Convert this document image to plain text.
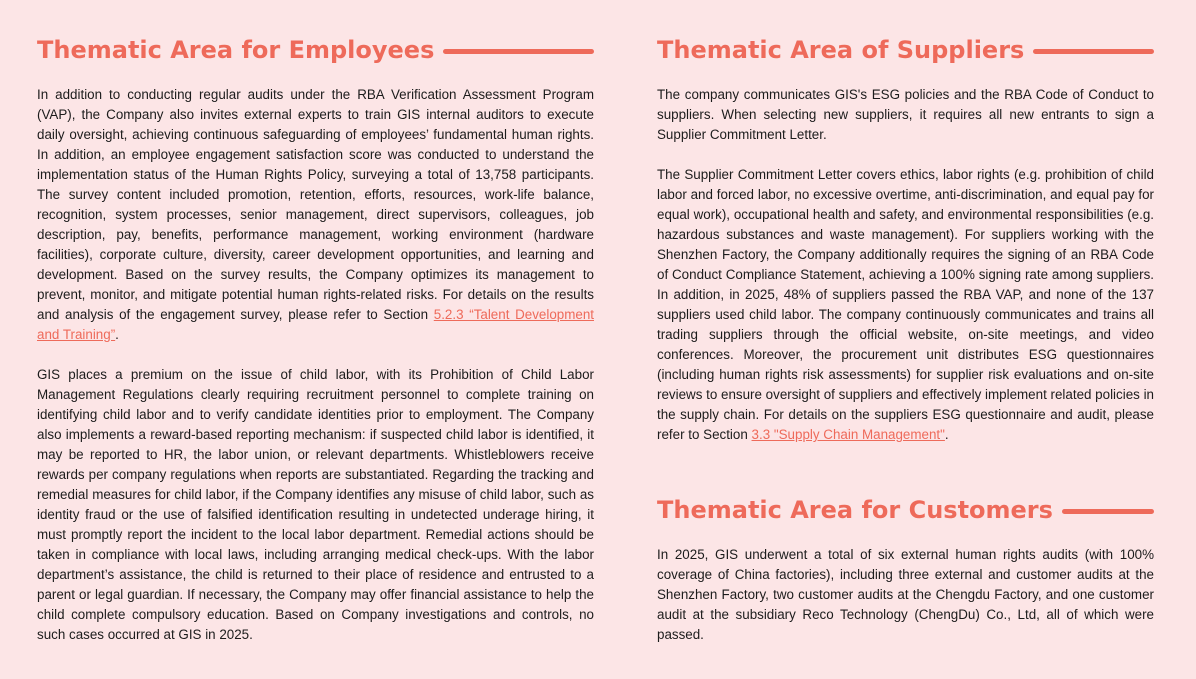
Thematic Area for Employees

In addition to conducting regular audits under the RBA Verification Assessment Program (VAP), the Company also invites external experts to train GIS internal auditors to execute daily oversight, achieving continuous safeguarding of employees’ fundamental human rights. In addition, an employee engagement satisfaction score was conducted to understand the implementation status of the Human Rights Policy, surveying a total of 13,758 participants. The survey content included promotion, retention, efforts, resources, work-life balance, recognition, system processes, senior management, direct supervisors, colleagues, job description, pay, benefits, performance management, working environment (hardware facilities), corporate culture, diversity, career development opportunities, and learning and development. Based on the survey results, the Company optimizes its management to prevent, monitor, and mitigate potential human rights-related risks. For details on the results and analysis of the engagement survey, please refer to Section 5.2.3 “Talent Development and Training”.

GIS places a premium on the issue of child labor, with its Prohibition of Child Labor Management Regulations clearly requiring recruitment personnel to complete training on identifying child labor and to verify candidate identities prior to employment. The Company also implements a reward-based reporting mechanism: if suspected child labor is identified, it may be reported to HR, the labor union, or relevant departments. Whistleblowers receive rewards per company regulations when reports are substantiated. Regarding the tracking and remedial measures for child labor, if the Company identifies any misuse of child labor, such as identity fraud or the use of falsified identification resulting in undetected underage hiring, it must promptly report the incident to the local labor department. Remedial actions should be taken in compliance with local laws, including arranging medical check-ups. With the labor department’s assistance, the child is returned to their place of residence and entrusted to a parent or legal guardian. If necessary, the Company may offer financial assistance to help the child complete compulsory education. Based on Company investigations and controls, no such cases occurred at GIS in 2025.

Thematic Area of Suppliers

The company communicates GIS's ESG policies and the RBA Code of Conduct to suppliers. When selecting new suppliers, it requires all new entrants to sign a Supplier Commitment Letter.

The Supplier Commitment Letter covers ethics, labor rights (e.g. prohibition of child labor and forced labor, no excessive overtime, anti-discrimination, and equal pay for equal work), occupational health and safety, and environmental responsibilities (e.g. hazardous substances and waste management). For suppliers working with the Shenzhen Factory, the Company additionally requires the signing of an RBA Code of Conduct Compliance Statement, achieving a 100% signing rate among suppliers. In addition, in 2025, 48% of suppliers passed the RBA VAP, and none of the 137 suppliers used child labor. The company continuously communicates and trains all trading suppliers through the official website, on-site meetings, and video conferences. Moreover, the procurement unit distributes ESG questionnaires (including human rights risk assessments) for supplier risk evaluations and on-site reviews to ensure oversight of suppliers and effectively implement related policies in the supply chain. For details on the suppliers ESG questionnaire and audit, please refer to Section 3.3 "Supply Chain Management".

Thematic Area for Customers

In 2025, GIS underwent a total of six external human rights audits (with 100% coverage of China factories), including three external and customer audits at the Shenzhen Factory, two customer audits at the Chengdu Factory, and one customer audit at the subsidiary Reco Technology (ChengDu) Co., Ltd, all of which were passed.
